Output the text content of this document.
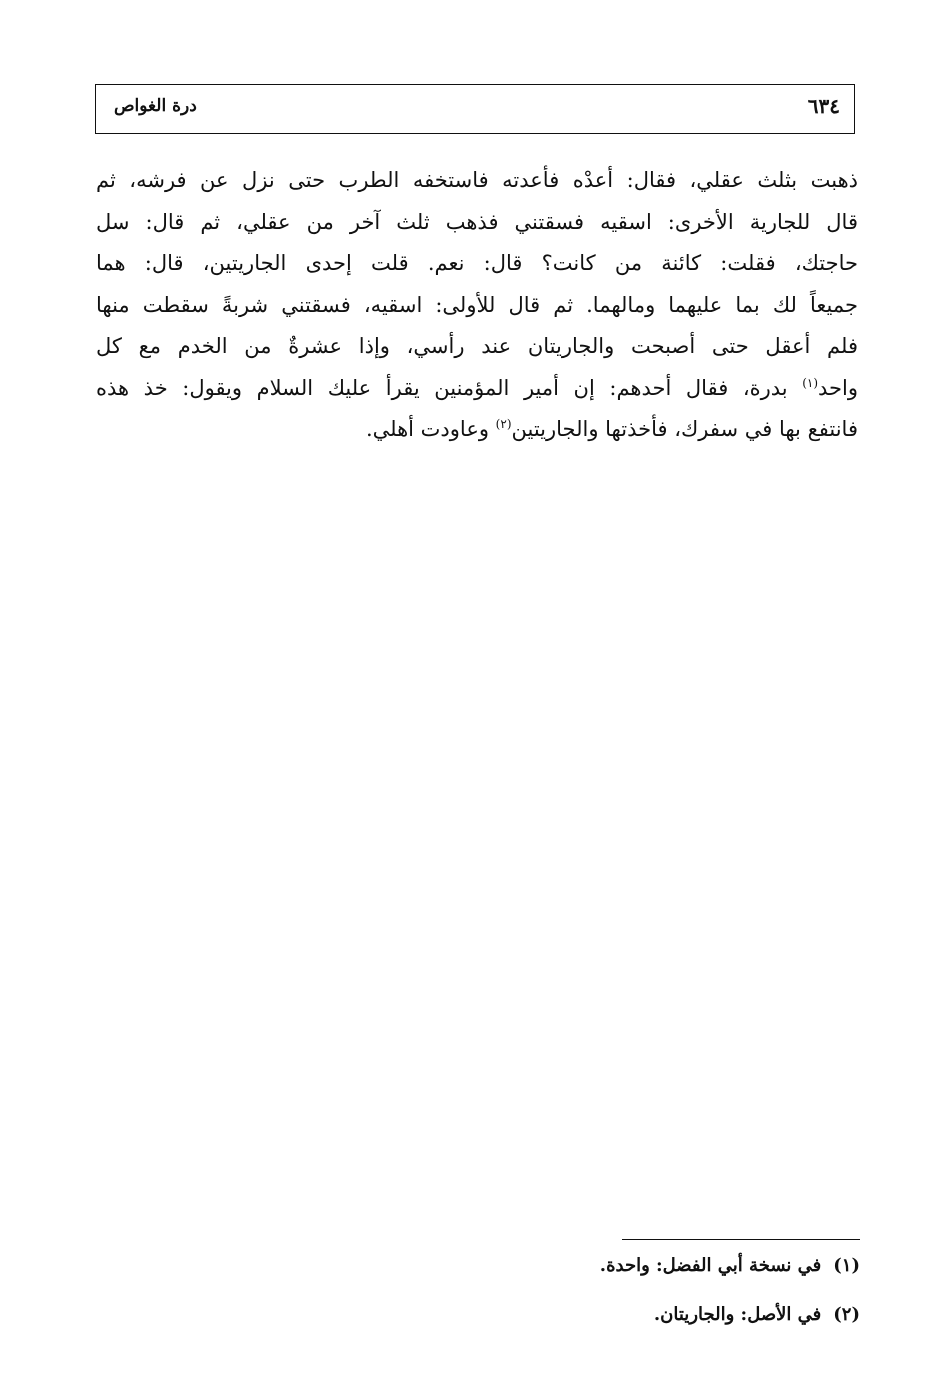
درة الغواص	٦٣٤
ذهبت بثلث عقلي، فقال: أعدْه فأعدته فاستخفه الطرب حتى نزل عن فرشه، ثم
قال للجارية الأخرى: اسقيه فسقتني فذهب ثلث آخر من عقلي، ثم قال: سل
حاجتك، فقلت: كائنة من كانت؟ قال: نعم. قلت إحدى الجاريتين، قال: هما
جميعاً لك بما عليهما ومالهما. ثم قال للأولى: اسقيه، فسقتني شربةً سقطت منها
فلم أعقل حتى أصبحت والجاريتان عند رأسي، وإذا عشرةٌ من الخدم مع كل
واحد$^{(١)}$ بدرة، فقال أحدهم: إن أمير المؤمنين يقرأ عليك السلام ويقول: خذ هذه
فانتفع بها في سفرك، فأخذتها والجاريتين$^{(٢)}$ وعاودت أهلي.
(١)في نسخة أبي الفضل: واحدة.
(٢)في الأصل: والجاريتان.
